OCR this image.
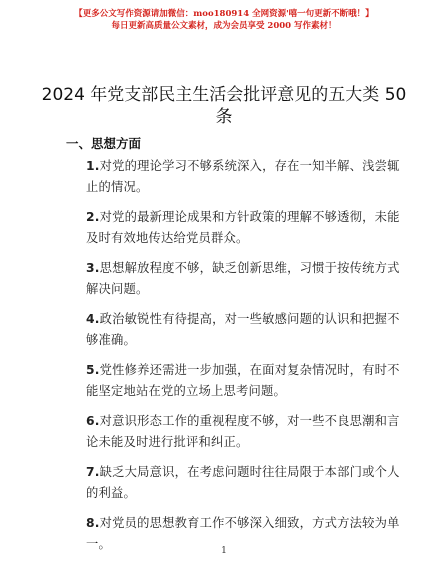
【更多公文写作资源请加微信：moo180914 全网资源'嘻一句更新不断哦！】
每日更新高质量公文素材，成为会员享受 2000 写作素材！
2024 年党支部民主生活会批评意见的五大类 50 条
一、思想方面
1.对党的理论学习不够系统深入，存在一知半解、浅尝辄止的情况。
2.对党的最新理论成果和方针政策的理解不够透彻，未能及时有效地传达给党员群众。
3.思想解放程度不够，缺乏创新思维，习惯于按传统方式解决问题。
4.政治敏锐性有待提高，对一些敏感问题的认识和把握不够准确。
5.党性修养还需进一步加强，在面对复杂情况时，有时不能坚定地站在党的立场上思考问题。
6.对意识形态工作的重视程度不够，对一些不良思潮和言论未能及时进行批评和纠正。
7.缺乏大局意识，在考虑问题时往往局限于本部门或个人的利益。
8.对党员的思想教育工作不够深入细致，方式方法较为单一。	1
